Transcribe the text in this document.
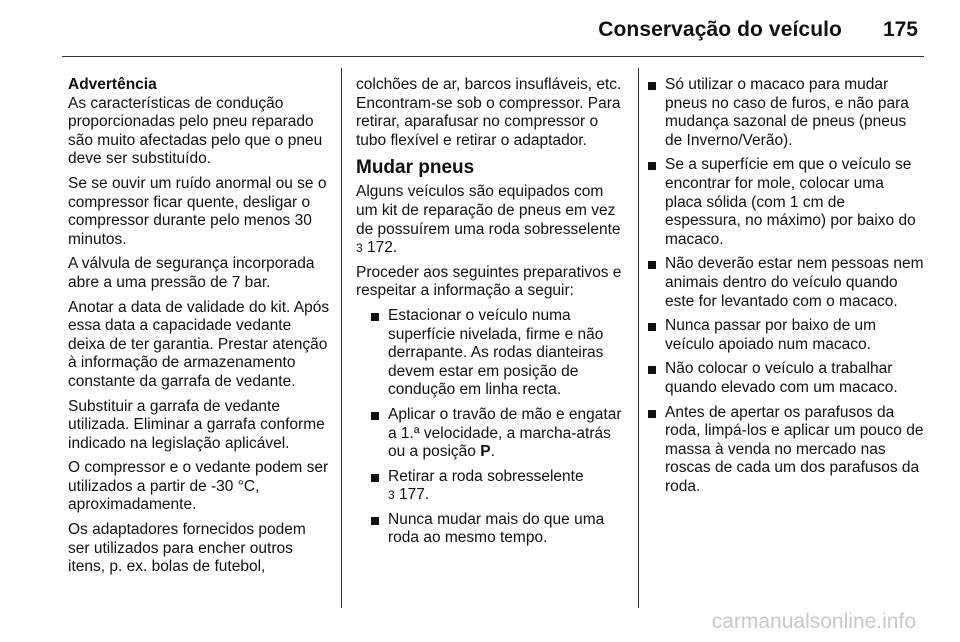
Conservação do veículo 175

Advertência
As características de condução proporcionadas pelo pneu reparado são muito afectadas pelo que o pneu deve ser substituído.

Se se ouvir um ruído anormal ou se o compressor ficar quente, desligar o compressor durante pelo menos 30 minutos.

A válvula de segurança incorporada abre a uma pressão de 7 bar.

Anotar a data de validade do kit. Após essa data a capacidade vedante deixa de ter garantia. Prestar atenção à informação de armazenamento constante da garrafa de vedante.

Substituir a garrafa de vedante utilizada. Eliminar a garrafa conforme indicado na legislação aplicável.

O compressor e o vedante podem ser utilizados a partir de -30 °C, aproximadamente.

Os adaptadores fornecidos podem ser utilizados para encher outros itens, p. ex. bolas de futebol,

colchões de ar, barcos insufláveis, etc. Encontram-se sob o compressor. Para retirar, aparafusar no compressor o tubo flexível e retirar o adaptador.

Mudar pneus

Alguns veículos são equipados com um kit de reparação de pneus em vez de possuírem uma roda sobresselente 3 172.

Proceder aos seguintes preparativos e respeitar a informação a seguir:

Estacionar o veículo numa superfície nivelada, firme e não derrapante. As rodas dianteiras devem estar em posição de condução em linha recta.
Aplicar o travão de mão e engatar a 1.ª velocidade, a marcha-atrás ou a posição P.
Retirar a roda sobresselente
3 177.
Nunca mudar mais do que uma roda ao mesmo tempo.
Só utilizar o macaco para mudar pneus no caso de furos, e não para mudança sazonal de pneus (pneus de Inverno/Verão).
Se a superfície em que o veículo se encontrar for mole, colocar uma placa sólida (com 1 cm de espessura, no máximo) por baixo do macaco.
Não deverão estar nem pessoas nem animais dentro do veículo quando este for levantado com o macaco.
Nunca passar por baixo de um veículo apoiado num macaco.
Não colocar o veículo a trabalhar quando elevado com um macaco.
Antes de apertar os parafusos da roda, limpá-los e aplicar um pouco de massa à venda no mercado nas roscas de cada um dos parafusos da roda.
carmanualsonline.info
